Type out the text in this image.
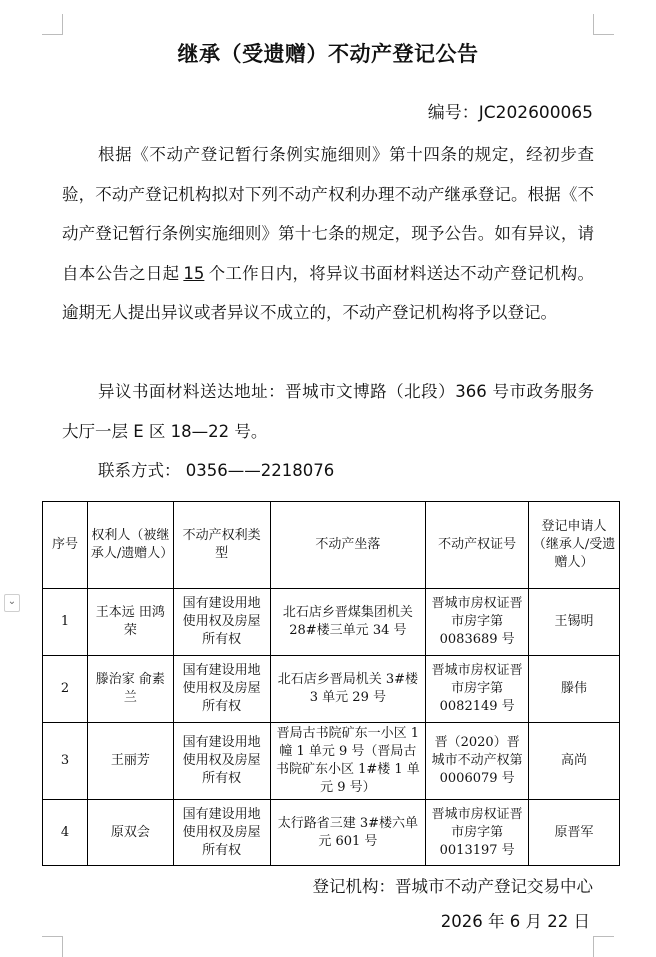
⌄
继承（受遗赠）不动产登记公告
编号：JC202600065

根据《不动产登记暂行条例实施细则》第十四条的规定，经初步查验，不动产登记机构拟对下列不动产权利办理不动产继承登记。根据《不动产登记暂行条例实施细则》第十七条的规定，现予公告。如有异议，请自本公告之日起 15 个工作日内，将异议书面材料送达不动产登记机构。逾期无人提出异议或者异议不成立的，不动产登记机构将予以登记。

异议书面材料送达地址：晋城市文博路（北段）366 号市政务服务大厅一层 E 区 18—22 号。

联系方式： 0356——2218076

序号	权利人（被继承人/遗赠人）	不动产权利类型	不动产坐落	不动产权证号	登记申请人（继承人/受遗赠人）
1	王本远 田鸿荣	国有建设用地使用权及房屋所有权	北石店乡晋煤集团机关 28#楼三单元 34 号	晋城市房权证晋市房字第 0083689 号	王锡明
2	滕治家 俞素兰	国有建设用地使用权及房屋所有权	北石店乡晋局机关 3#楼 3 单元 29 号	晋城市房权证晋市房字第 0082149 号	滕伟
3	王丽芳	国有建设用地使用权及房屋所有权	晋局古书院矿东一小区 1 幢 1 单元 9 号（晋局古书院矿东小区 1#楼 1 单元 9 号）	晋（2020）晋城市不动产权第 0006079 号	高尚
4	原双会	国有建设用地使用权及房屋所有权	太行路省三建 3#楼六单元 601 号	晋城市房权证晋市房字第 0013197 号	原晋军
登记机构：晋城市不动产登记交易中心
2026 年 6 月 22 日
